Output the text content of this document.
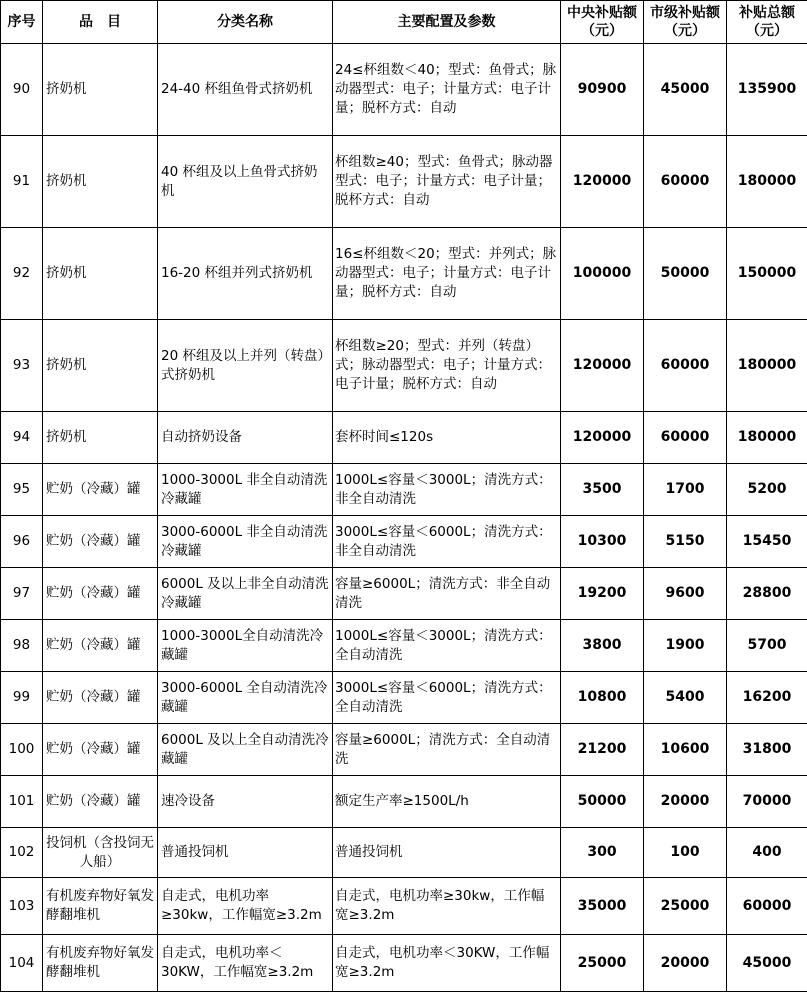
序号	品　目	分类名称	主要配置及参数	中央补贴额（元）	市级补贴额（元）	补贴总额（元）
90	挤奶机	24-40 杯组鱼骨式挤奶机	24≤杯组数＜40；型式：鱼骨式；脉动器型式：电子；计量方式：电子计量；脱杯方式：自动	90900	45000	135900
91	挤奶机	40 杯组及以上鱼骨式挤奶机	杯组数≥40；型式：鱼骨式；脉动器型式：电子；计量方式：电子计量；脱杯方式：自动	120000	60000	180000
92	挤奶机	16-20 杯组并列式挤奶机	16≤杯组数＜20；型式：并列式；脉动器型式：电子；计量方式：电子计量；脱杯方式：自动	100000	50000	150000
93	挤奶机	20 杯组及以上并列（转盘）式挤奶机	杯组数≥20；型式：并列（转盘）式；脉动器型式：电子；计量方式：电子计量；脱杯方式：自动	120000	60000	180000
94	挤奶机	自动挤奶设备	套杯时间≤120s	120000	60000	180000
95	贮奶（冷藏）罐	1000-3000L 非全自动清洗冷藏罐	1000L≤容量＜3000L；清洗方式：非全自动清洗	3500	1700	5200
96	贮奶（冷藏）罐	3000-6000L 非全自动清洗冷藏罐	3000L≤容量＜6000L；清洗方式：非全自动清洗	10300	5150	15450
97	贮奶（冷藏）罐	6000L 及以上非全自动清洗冷藏罐	容量≥6000L；清洗方式：非全自动清洗	19200	9600	28800
98	贮奶（冷藏）罐	1000-3000L全自动清洗冷藏罐	1000L≤容量＜3000L；清洗方式：全自动清洗	3800	1900	5700
99	贮奶（冷藏）罐	3000-6000L 全自动清洗冷藏罐	3000L≤容量＜6000L；清洗方式：全自动清洗	10800	5400	16200
100	贮奶（冷藏）罐	6000L 及以上全自动清洗冷藏罐	容量≥6000L；清洗方式：全自动清洗	21200	10600	31800
101	贮奶（冷藏）罐	速冷设备	额定生产率≥1500L/h	50000	20000	70000
102	投饲机（含投饲无人船）	普通投饲机	普通投饲机	300	100	400
103	有机废弃物好氧发酵翻堆机	自走式，电机功率≥30kw，工作幅宽≥3.2m	自走式，电机功率≥30kw，工作幅宽≥3.2m	35000	25000	60000
104	有机废弃物好氧发酵翻堆机	自走式，电机功率＜30KW，工作幅宽≥3.2m	自走式，电机功率＜30KW，工作幅宽≥3.2m	25000	20000	45000
